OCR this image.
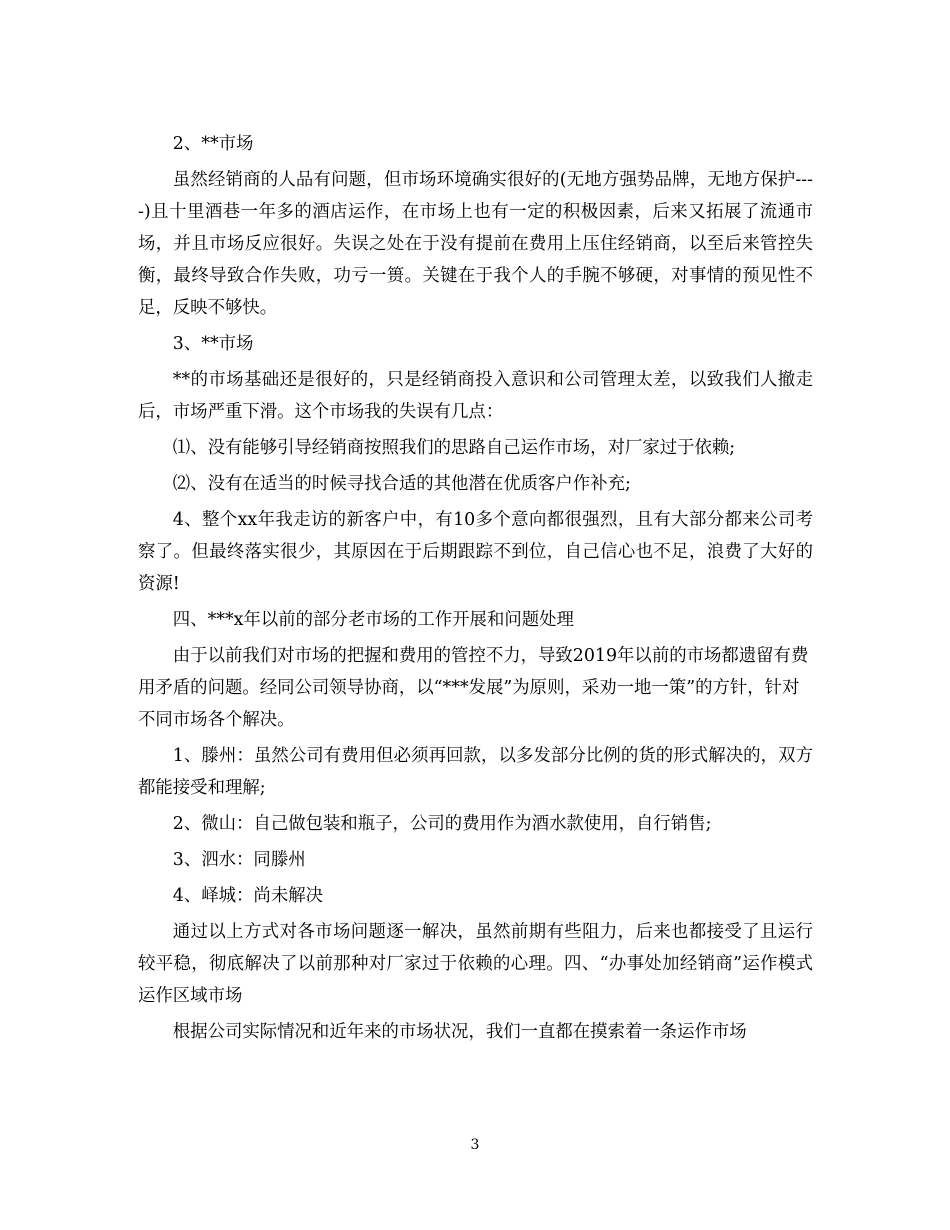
2、**市场

虽然经销商的人品有问题，但市场环境确实很好的(无地方强势品牌，无地方保护----)且十里酒巷一年多的酒店运作，在市场上也有一定的积极因素，后来又拓展了流通市场，并且市场反应很好。失误之处在于没有提前在费用上压住经销商，以至后来管控失衡，最终导致合作失败，功亏一篑。关键在于我个人的手腕不够硬，对事情的预见性不足，反映不够快。

3、**市场

**的市场基础还是很好的，只是经销商投入意识和公司管理太差，以致我们人撤走后，市场严重下滑。这个市场我的失误有几点：

⑴、没有能够引导经销商按照我们的思路自己运作市场，对厂家过于依赖;

⑵、没有在适当的时候寻找合适的其他潜在优质客户作补充;

4、整个xx年我走访的新客户中，有10多个意向都很强烈，且有大部分都来公司考察了。但最终落实很少，其原因在于后期跟踪不到位，自己信心也不足，浪费了大好的资源!

四、***x年以前的部分老市场的工作开展和问题处理

由于以前我们对市场的把握和费用的管控不力，导致2019年以前的市场都遗留有费用矛盾的问题。经同公司领导协商，以“***发展”为原则，采劝一地一策”的方针，针对不同市场各个解决。

1、滕州：虽然公司有费用但必须再回款，以多发部分比例的货的形式解决的，双方都能接受和理解;

2、微山：自己做包装和瓶子，公司的费用作为酒水款使用，自行销售;

3、泗水：同滕州

4、峄城：尚未解决

通过以上方式对各市场问题逐一解决，虽然前期有些阻力，后来也都接受了且运行较平稳，彻底解决了以前那种对厂家过于依赖的心理。四、“办事处加经销商”运作模式运作区域市场

根据公司实际情况和近年来的市场状况，我们一直都在摸索着一条运作市场

3
